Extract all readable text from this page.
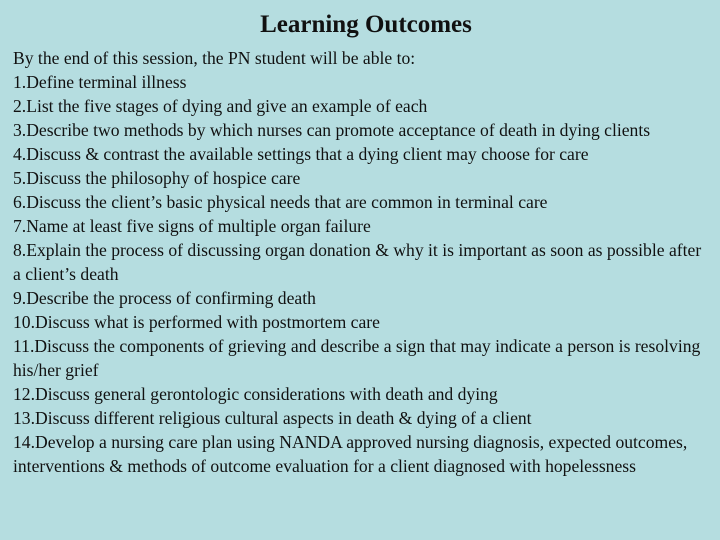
Learning Outcomes

By the end of this session, the PN student will be able to:

1.Define terminal illness

2.List the five stages of dying and give an example of each

3.Describe two methods by which nurses can promote acceptance of death in dying clients

4.Discuss & contrast the available settings that a dying client may choose for care

5.Discuss the philosophy of hospice care

6.Discuss the client’s basic physical needs that are common in terminal care

7.Name at least five signs of multiple organ failure

8.Explain the process of discussing organ donation & why it is important as soon as possible after a client’s death

9.Describe the process of confirming death

10.Discuss what is performed with postmortem care

11.Discuss the components of grieving and describe a sign that may indicate a person is resolving his/her grief

12.Discuss general gerontologic considerations with death and dying

13.Discuss different religious cultural aspects in death & dying of a client

14.Develop a nursing care plan using NANDA approved nursing diagnosis, expected outcomes, interventions & methods of outcome evaluation for a client diagnosed with hopelessness
